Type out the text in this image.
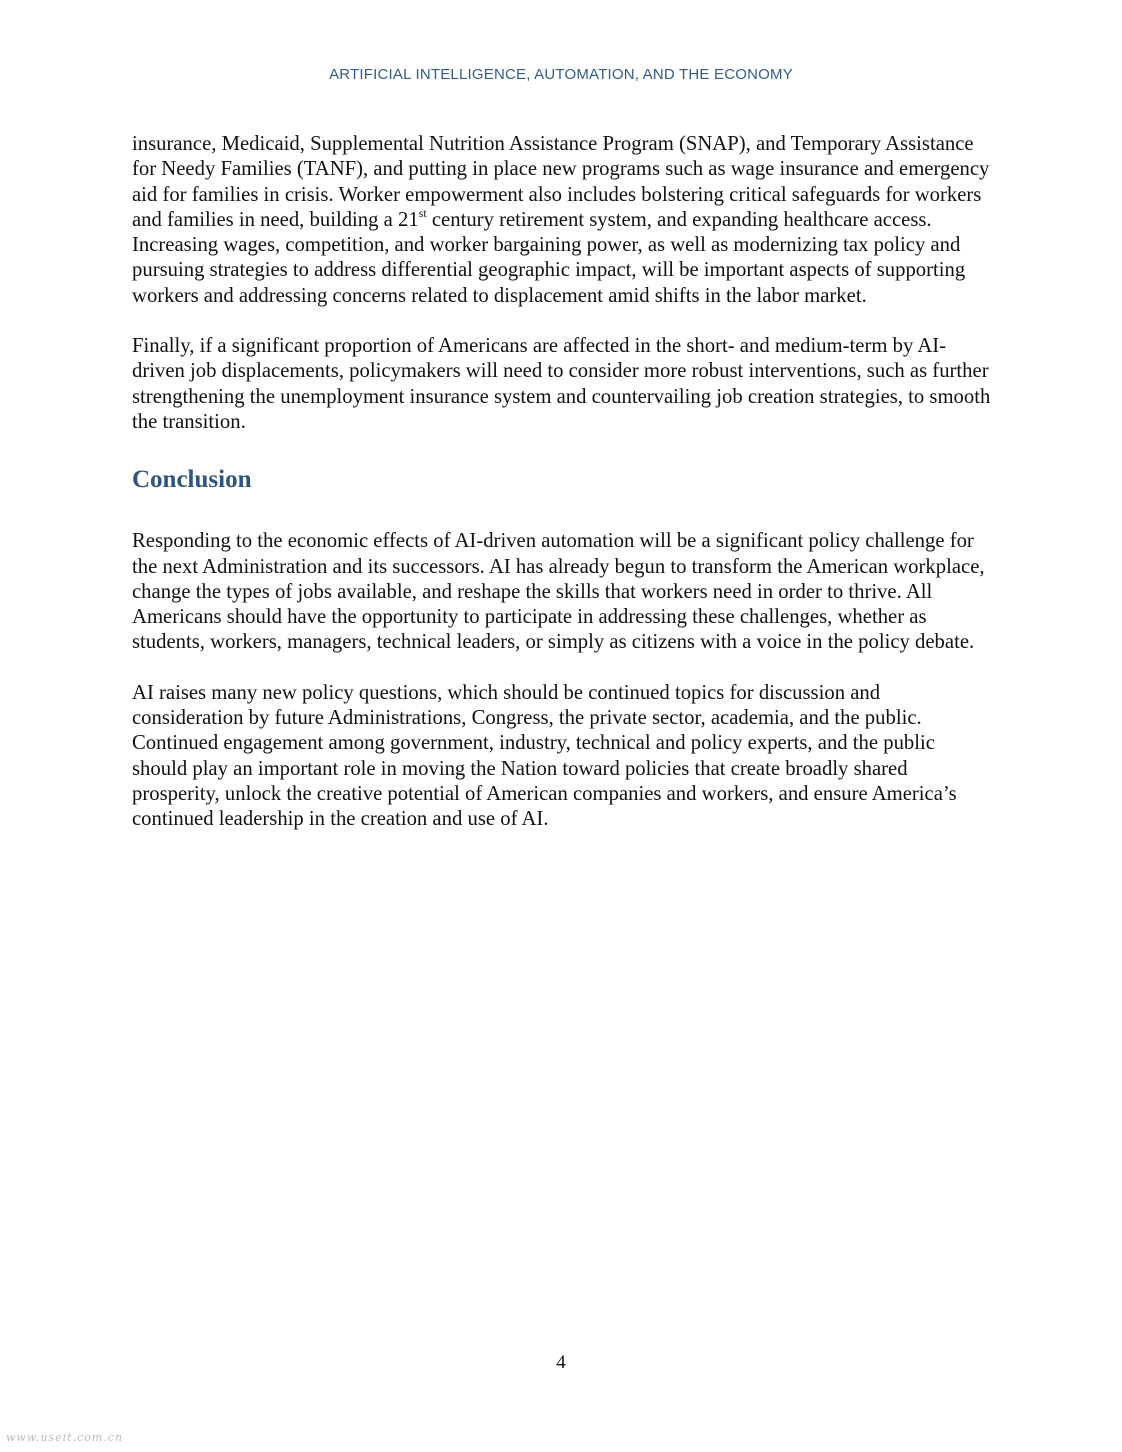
ARTIFICIAL INTELLIGENCE, AUTOMATION, AND THE ECONOMY

insurance, Medicaid, Supplemental Nutrition Assistance Program (SNAP), and Temporary Assistance for Needy Families (TANF), and putting in place new programs such as wage insurance and emergency aid for families in crisis. Worker empowerment also includes bolstering critical safeguards for workers and families in need, building a 21st century retirement system, and expanding healthcare access. Increasing wages, competition, and worker bargaining power, as well as modernizing tax policy and pursuing strategies to address differential geographic impact, will be important aspects of supporting workers and addressing concerns related to displacement amid shifts in the labor market.

Finally, if a significant proportion of Americans are affected in the short- and medium-term by AI-driven job displacements, policymakers will need to consider more robust interventions, such as further strengthening the unemployment insurance system and countervailing job creation strategies, to smooth the transition.

Conclusion

Responding to the economic effects of AI-driven automation will be a significant policy challenge for the next Administration and its successors. AI has already begun to transform the American workplace, change the types of jobs available, and reshape the skills that workers need in order to thrive. All Americans should have the opportunity to participate in addressing these challenges, whether as students, workers, managers, technical leaders, or simply as citizens with a voice in the policy debate.

AI raises many new policy questions, which should be continued topics for discussion and consideration by future Administrations, Congress, the private sector, academia, and the public. Continued engagement among government, industry, technical and policy experts, and the public should play an important role in moving the Nation toward policies that create broadly shared prosperity, unlock the creative potential of American companies and workers, and ensure America’s continued leadership in the creation and use of AI.

4
www.useit.com.cn
